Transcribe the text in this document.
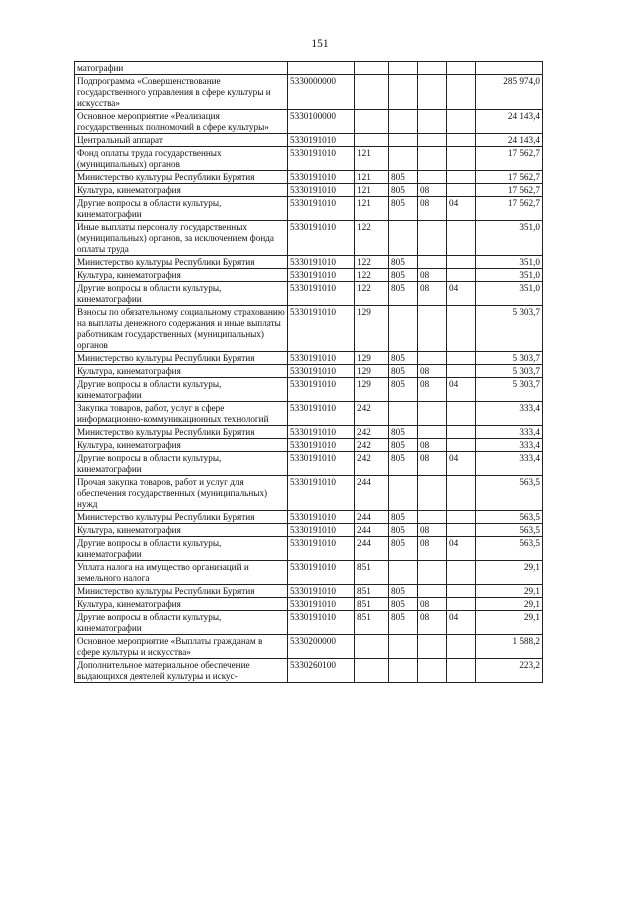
151
матографии						
Подпрограмма «Совершенствование государственного управления в сфере культуры и искусства»	5330000000					285 974,0
Основное мероприятие «Реализация государственных полномочий в сфере культуры»	5330100000					24 143,4
Центральный аппарат	5330191010					24 143,4
Фонд оплаты труда государственных (муниципальных) органов	5330191010	121				17 562,7
Министерство культуры Республики Бурятия	5330191010	121	805			17 562,7
Культура, кинематография	5330191010	121	805	08		17 562,7
Другие вопросы в области культуры, кинематографии	5330191010	121	805	08	04	17 562,7
Иные выплаты персоналу государственных (муниципальных) органов, за исключением фонда оплаты труда	5330191010	122				351,0
Министерство культуры Республики Бурятия	5330191010	122	805			351,0
Культура, кинематография	5330191010	122	805	08		351,0
Другие вопросы в области культуры, кинематографии	5330191010	122	805	08	04	351,0
Взносы по обязательному социальному страхованию на выплаты денежного содержания и иные выплаты работникам государственных (муниципальных) органов	5330191010	129				5 303,7
Министерство культуры Республики Бурятия	5330191010	129	805			5 303,7
Культура, кинематография	5330191010	129	805	08		5 303,7
Другие вопросы в области культуры, кинематографии	5330191010	129	805	08	04	5 303,7
Закупка товаров, работ, услуг в сфере информационно-коммуникационных технологий	5330191010	242				333,4
Министерство культуры Республики Бурятия	5330191010	242	805			333,4
Культура, кинематография	5330191010	242	805	08		333,4
Другие вопросы в области культуры, кинематографии	5330191010	242	805	08	04	333,4
Прочая закупка товаров, работ и услуг для обеспечения государственных (муниципальных) нужд	5330191010	244				563,5
Министерство культуры Республики Бурятия	5330191010	244	805			563,5
Культура, кинематография	5330191010	244	805	08		563,5
Другие вопросы в области культуры, кинематографии	5330191010	244	805	08	04	563,5
Уплата налога на имущество организаций и земельного налога	5330191010	851				29,1
Министерство культуры Республики Бурятия	5330191010	851	805			29,1
Культура, кинематография	5330191010	851	805	08		29,1
Другие вопросы в области культуры, кинематографии	5330191010	851	805	08	04	29,1
Основное мероприятие «Выплаты гражданам в сфере культуры и искусства»	5330200000					1 588,2
Дополнительное материальное обеспечение выдающихся деятелей культуры и искус-	5330260100					223,2
